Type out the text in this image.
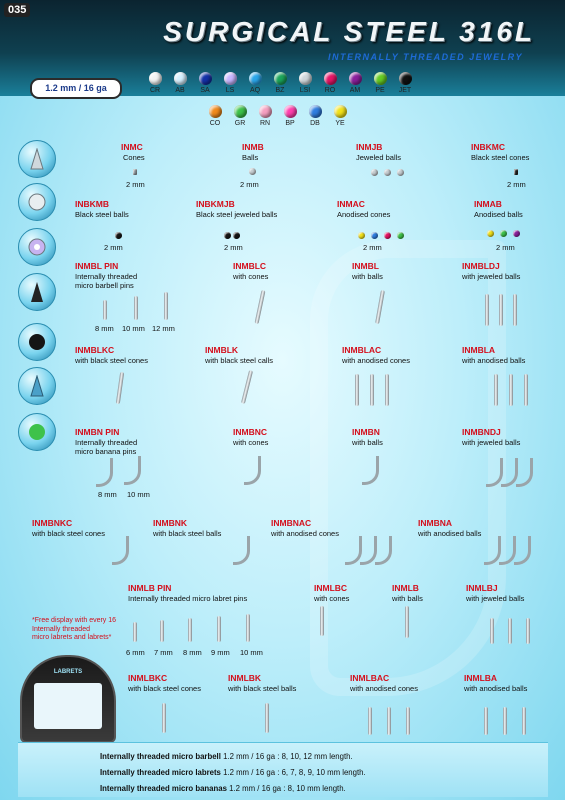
035
SURGICAL STEEL 316L
INTERNALLY THREADED JEWELRY
1.2 mm / 16 ga	CR	AB	SA	LS	AQ	BZ	LSI	RO	AM	PE	JET
CO	GR	RN	BP	DB	YE
INMC
Cones
2 mm
INMB
Balls
2 mm
INMJB
Jeweled balls
INBKMC
Black steel cones
2 mm
INBKMB
Black steel balls
2 mm
INBKMJB
Black steel jeweled balls
2 mm
INMAC
Anodised cones
2 mm
INMAB
Anodised balls
2 mm
INMBL PIN
Internally threaded
micro barbell pins
8 mm 10 mm 12 mm
INMBLC
with cones
INMBL
with balls
INMBLDJ
with jeweled balls
INMBLKC
with black steel cones
INMBLK
with black steel calls
INMBLAC
with anodised cones
INMBLA
with anodised balls
INMBN PIN
Internally threaded
micro banana pins
8 mm 10 mm
INMBNC
with cones
INMBN
with balls
INMBNDJ
with jeweled balls
INMBNKC
with black steel cones
INMBNK
with black steel balls
INMBNAC
with anodised cones
INMBNA
with anodised balls
INMLB PIN
Internally threaded micro labret pins
*Free display with every 16
Internally threaded
micro labrets and labrets*
6 mm 7 mm 8 mm 9 mm 10 mm
INMLBC
with cones
INMLB
with balls
INMLBJ
with jeweled balls
LABRETS
INMLBKC
with black steel cones
INMLBK
with black steel balls
INMLBAC
with anodised cones
INMLBA
with anodised balls
Internally threaded micro barbell 1.2 mm / 16 ga : 8, 10, 12 mm length.
Internally threaded micro labrets 1.2 mm / 16 ga : 6, 7, 8, 9, 10 mm length.
Internally threaded micro bananas 1.2 mm / 16 ga : 8, 10 mm length.
